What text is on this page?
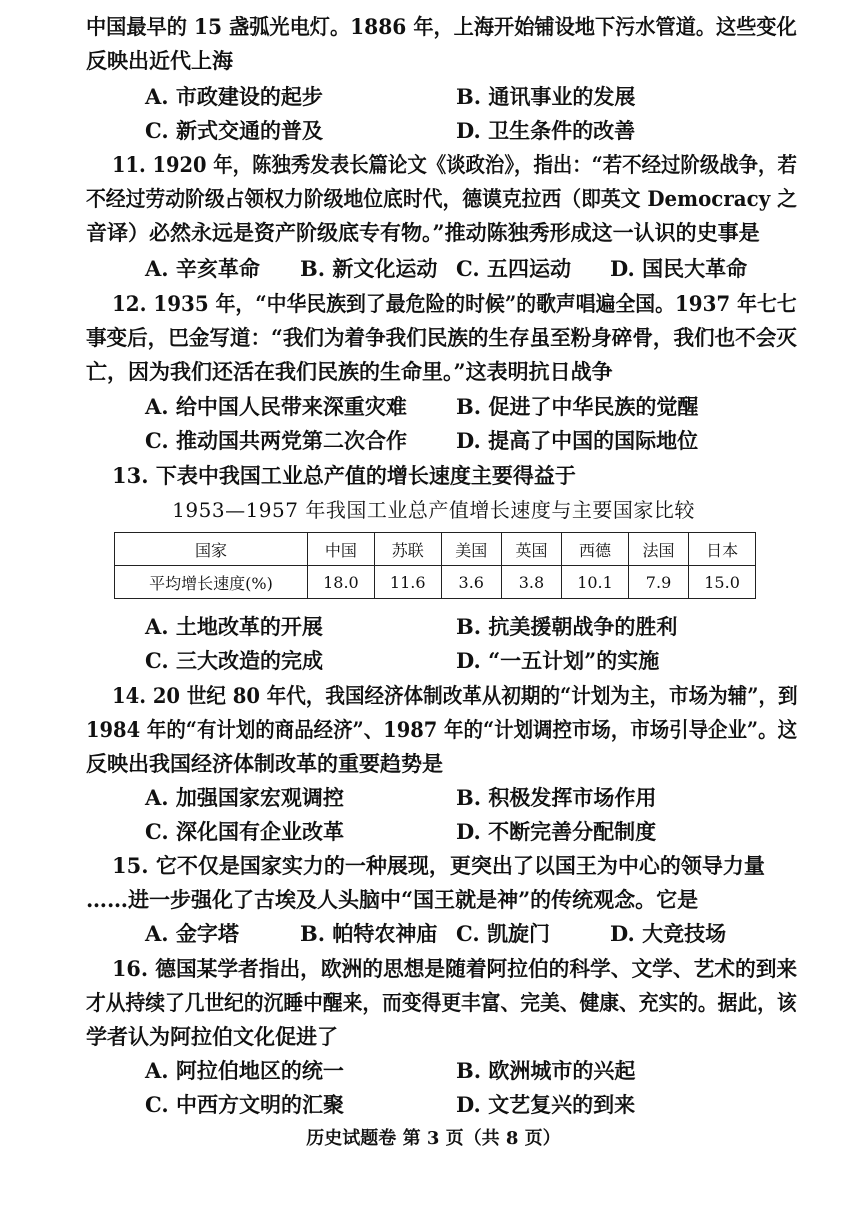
中国最早的 15 盏弧光电灯。1886 年，上海开始铺设地下污水管道。这些变化
反映出近代上海
A. 市政建设的起步	B. 通讯事业的发展
C. 新式交通的普及	D. 卫生条件的改善
11. 1920 年，陈独秀发表长篇论文《谈政治》，指出：“若不经过阶级战争，若
不经过劳动阶级占领权力阶级地位底时代，德谟克拉西（即英文 Democracy 之
音译）必然永远是资产阶级底专有物。”推动陈独秀形成这一认识的史事是
A. 辛亥革命 B. 新文化运动 C. 五四运动 D. 国民大革命
12. 1935 年，“中华民族到了最危险的时候”的歌声唱遍全国。1937 年七七
事变后，巴金写道：“我们为着争我们民族的生存虽至粉身碎骨，我们也不会灭
亡，因为我们还活在我们民族的生命里。”这表明抗日战争
A. 给中国人民带来深重灾难 B. 促进了中华民族的觉醒
C. 推动国共两党第二次合作 D. 提高了中国的国际地位
13. 下表中我国工业总产值的增长速度主要得益于
1953—1957 年我国工业总产值增长速度与主要国家比较
国家	中国	苏联	美国	英国	西德	法国	日本
平均增长速度(%)	18.0	11.6	3.6	3.8	10.1	7.9	15.0
A. 土地改革的开展	B. 抗美援朝战争的胜利
C. 三大改造的完成	D. “一五计划”的实施
14. 20 世纪 80 年代，我国经济体制改革从初期的“计划为主，市场为辅”，到
1984 年的“有计划的商品经济”、1987 年的“计划调控市场，市场引导企业”。这
反映出我国经济体制改革的重要趋势是
A. 加强国家宏观调控	B. 积极发挥市场作用
C. 深化国有企业改革	D. 不断完善分配制度
15. 它不仅是国家实力的一种展现，更突出了以国王为中心的领导力量
……进一步强化了古埃及人头脑中“国王就是神”的传统观念。它是
A. 金字塔	B. 帕特农神庙 C. 凯旋门	D. 大竞技场
16. 德国某学者指出，欧洲的思想是随着阿拉伯的科学、文学、艺术的到来
才从持续了几世纪的沉睡中醒来，而变得更丰富、完美、健康、充实的。据此，该
学者认为阿拉伯文化促进了
A. 阿拉伯地区的统一	B. 欧洲城市的兴起
C. 中西方文明的汇聚	D. 文艺复兴的到来
历史试题卷 第 3 页（共 8 页）
